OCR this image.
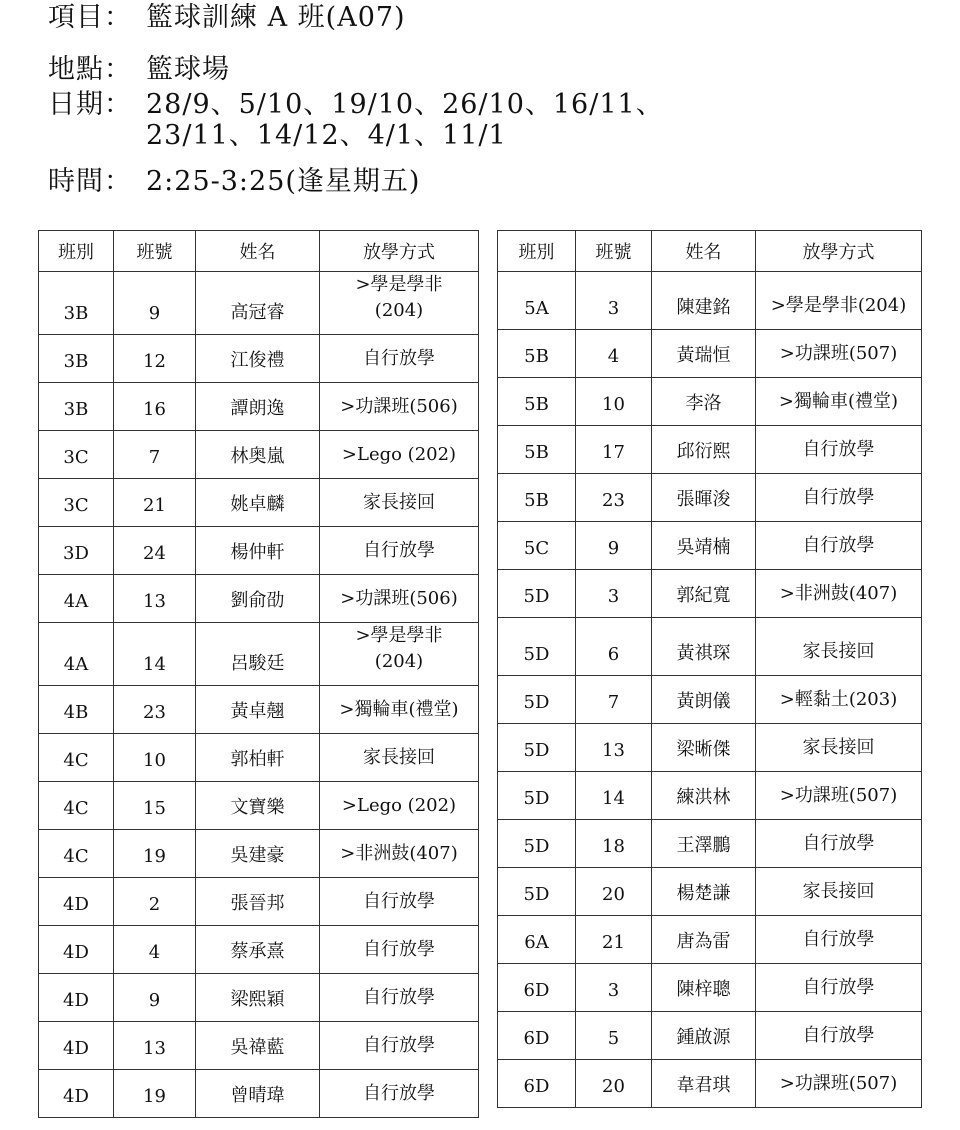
項目： 籃球訓練 A 班(A07)
地點： 籃球場
日期： 28/9、5/10、19/10、26/10、16/11、
23/11、14/12、4/1、11/1
時間： 2:25-3:25(逢星期五)
班別	班號	姓名	放學方式
3B	9	高冠睿	>學是學非
(204)
3B	12	江俊禮	自行放學
3B	16	譚朗逸	>功課班(506)
3C	7	林奥嵐	>Lego (202)
3C	21	姚卓麟	家長接回
3D	24	楊仲軒	自行放學
4A	13	劉俞劭	>功課班(506)
4A	14	呂駿廷	>學是學非
(204)
4B	23	黃卓翹	>獨輪車(禮堂)
4C	10	郭柏軒	家長接回
4C	15	文寶樂	>Lego (202)
4C	19	吳建豪	>非洲鼓(407)
4D	2	張晉邦	自行放學
4D	4	蔡承熹	自行放學
4D	9	梁熙穎	自行放學
4D	13	吳禕藍	自行放學
4D	19	曾晴瑋	自行放學
班別	班號	姓名	放學方式
5A	3	陳建銘	>學是學非(204)
5B	4	黃瑞恒	>功課班(507)
5B	10	李洛	>獨輪車(禮堂)
5B	17	邱衍熙	自行放學
5B	23	張暉浚	自行放學
5C	9	吳靖楠	自行放學
5D	3	郭紀寬	>非洲鼓(407)
5D	6	黃祺琛	家長接回
5D	7	黃朗儀	>輕黏土(203)
5D	13	梁晰傑	家長接回
5D	14	練洪林	>功課班(507)
5D	18	王澤鵬	自行放學
5D	20	楊楚謙	家長接回
6A	21	唐為雷	自行放學
6D	3	陳梓聰	自行放學
6D	5	鍾啟源	自行放學
6D	20	韋君琪	>功課班(507)
